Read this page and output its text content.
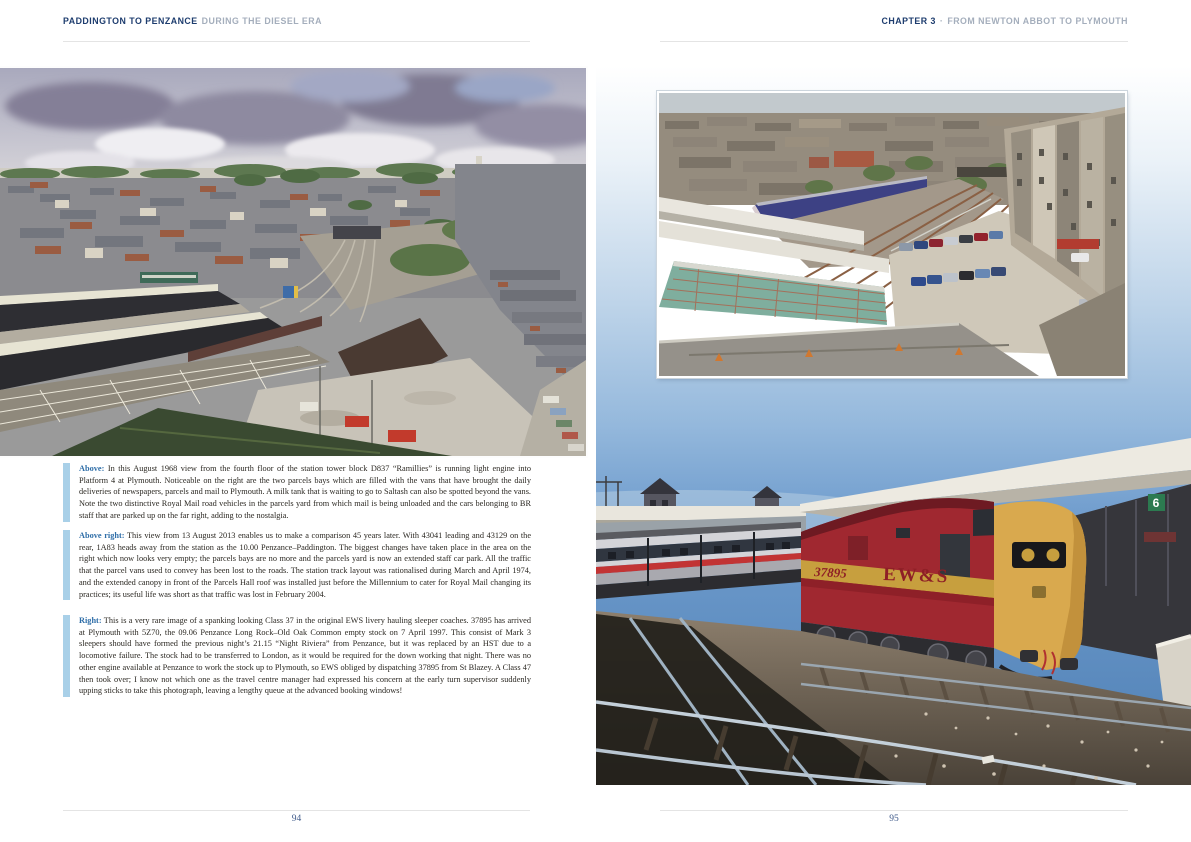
PADDINGTON TO PENZANCE DURING THE DIESEL ERA	CHAPTER 3 · FROM NEWTON ABBOT TO PLYMOUTH
6
37895 EW&S
Above: In this August 1968 view from the fourth floor of the station tower block D837 “Ramillies” is running light engine into Platform 4 at Plymouth. Noticeable on the right are the two parcels bays which are filled with the vans that have brought the daily deliveries of newspapers, parcels and mail to Plymouth. A milk tank that is waiting to go to Saltash can also be spotted beyond the vans. Note the two distinctive Royal Mail road vehicles in the parcels yard from which mail is being unloaded and the cars belonging to BR staff that are parked up on the far right, adding to the nostalgia.
Above right: This view from 13 August 2013 enables us to make a comparison 45 years later. With 43041 leading and 43129 on the rear, 1A83 heads away from the station as the 10.00 Penzance–Paddington. The biggest changes have taken place in the area on the right which now looks very empty; the parcels bays are no more and the parcels yard is now an extended staff car park. All the traffic that the parcel vans used to convey has been lost to the roads. The station track layout was rationalised during March and April 1974, and the extended canopy in front of the Parcels Hall roof was installed just before the Millennium to cater for Royal Mail changing its practices; its useful life was short as that traffic was lost in February 2004.
Right: This is a very rare image of a spanking looking Class 37 in the original EWS livery hauling sleeper coaches. 37895 has arrived at Plymouth with 5Z70, the 09.06 Penzance Long Rock–Old Oak Common empty stock on 7 April 1997. This consist of Mark 3 sleepers should have formed the previous night’s 21.15 “Night Riviera” from Penzance, but it was replaced by an HST due to a locomotive failure. The stock had to be transferred to London, as it would be required for the down working that night. There was no other engine available at Penzance to work the stock up to Plymouth, so EWS obliged by dispatching 37895 from St Blazey. A Class 47 then took over; I know not which one as the travel centre manager had expressed his concern at the early turn supervisor suddenly upping sticks to take this photograph, leaving a lengthy queue at the advanced booking windows!
94	95
